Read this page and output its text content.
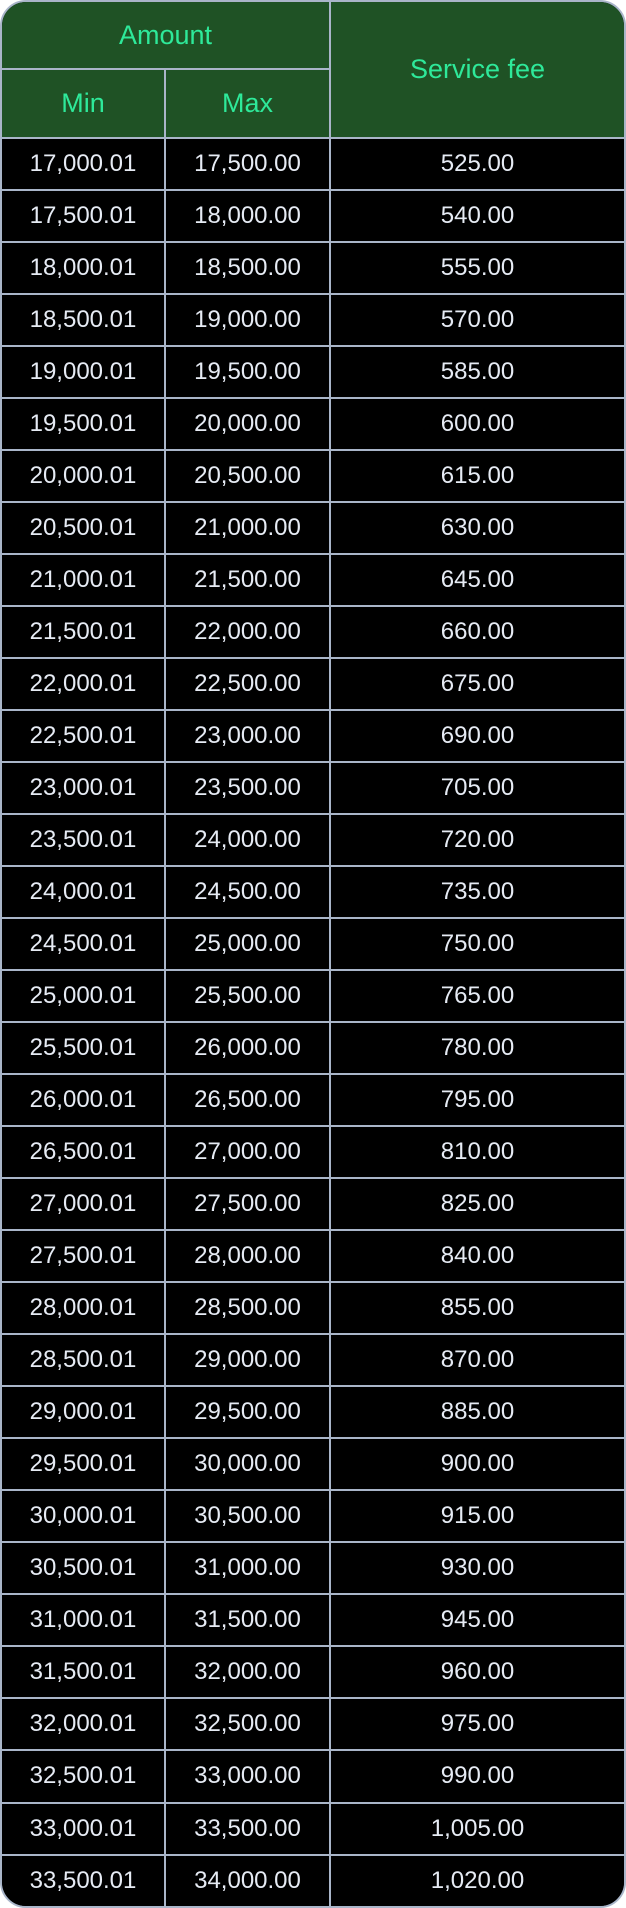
Amount		Service fee
Min	Max	
17,000.01	17,500.00	525.00
17,500.01	18,000.00	540.00
18,000.01	18,500.00	555.00
18,500.01	19,000.00	570.00
19,000.01	19,500.00	585.00
19,500.01	20,000.00	600.00
20,000.01	20,500.00	615.00
20,500.01	21,000.00	630.00
21,000.01	21,500.00	645.00
21,500.01	22,000.00	660.00
22,000.01	22,500.00	675.00
22,500.01	23,000.00	690.00
23,000.01	23,500.00	705.00
23,500.01	24,000.00	720.00
24,000.01	24,500.00	735.00
24,500.01	25,000.00	750.00
25,000.01	25,500.00	765.00
25,500.01	26,000.00	780.00
26,000.01	26,500.00	795.00
26,500.01	27,000.00	810.00
27,000.01	27,500.00	825.00
27,500.01	28,000.00	840.00
28,000.01	28,500.00	855.00
28,500.01	29,000.00	870.00
29,000.01	29,500.00	885.00
29,500.01	30,000.00	900.00
30,000.01	30,500.00	915.00
30,500.01	31,000.00	930.00
31,000.01	31,500.00	945.00
31,500.01	32,000.00	960.00
32,000.01	32,500.00	975.00
32,500.01	33,000.00	990.00
33,000.01	33,500.00	1,005.00
33,500.01	34,000.00	1,020.00
